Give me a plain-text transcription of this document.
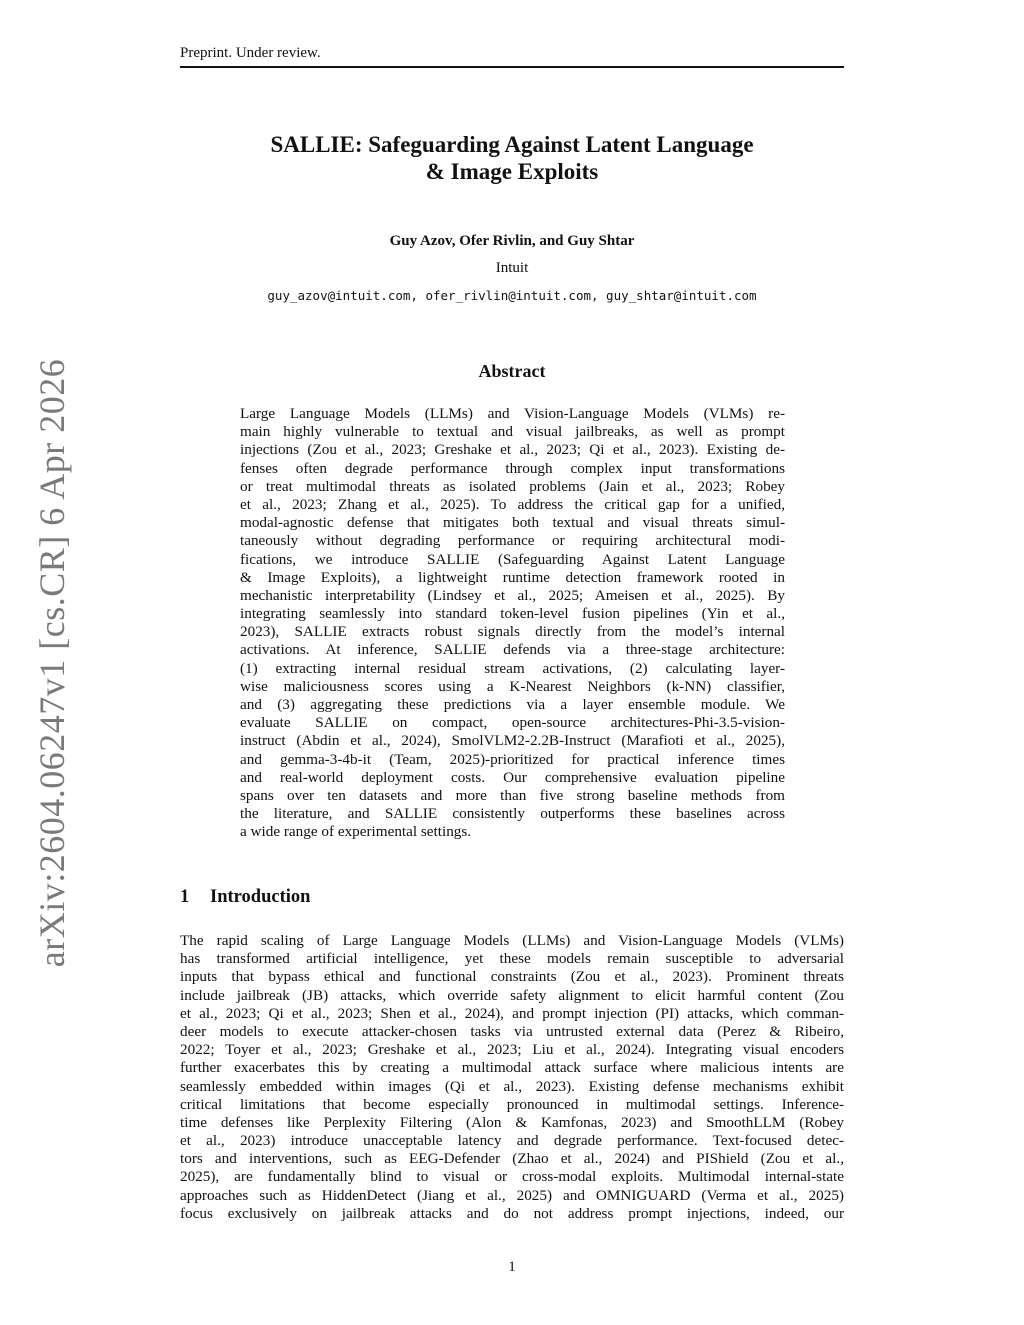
Preprint. Under review.
arXiv:2604.06247v1 [cs.CR] 6 Apr 2026
SALLIE: Safeguarding Against Latent Language
& Image Exploits
Guy Azov, Ofer Rivlin, and Guy Shtar
Intuit
guy_azov@intuit.com, ofer_rivlin@intuit.com, guy_shtar@intuit.com
Abstract
Large Language Models (LLMs) and Vision-Language Models (VLMs) re-
main highly vulnerable to textual and visual jailbreaks, as well as prompt
injections (Zou et al., 2023; Greshake et al., 2023; Qi et al., 2023). Existing de-
fenses often degrade performance through complex input transformations
or treat multimodal threats as isolated problems (Jain et al., 2023; Robey
et al., 2023; Zhang et al., 2025). To address the critical gap for a unified,
modal-agnostic defense that mitigates both textual and visual threats simul-
taneously without degrading performance or requiring architectural modi-
fications, we introduce SALLIE (Safeguarding Against Latent Language
& Image Exploits), a lightweight runtime detection framework rooted in
mechanistic interpretability (Lindsey et al., 2025; Ameisen et al., 2025). By
integrating seamlessly into standard token-level fusion pipelines (Yin et al.,
2023), SALLIE extracts robust signals directly from the model’s internal
activations. At inference, SALLIE defends via a three-stage architecture:
(1) extracting internal residual stream activations, (2) calculating layer-
wise maliciousness scores using a K-Nearest Neighbors (k-NN) classifier,
and (3) aggregating these predictions via a layer ensemble module. We
evaluate SALLIE on compact, open-source architectures-Phi-3.5-vision-
instruct (Abdin et al., 2024), SmolVLM2-2.2B-Instruct (Marafioti et al., 2025),
and gemma-3-4b-it (Team, 2025)-prioritized for practical inference times
and real-world deployment costs. Our comprehensive evaluation pipeline
spans over ten datasets and more than five strong baseline methods from
the literature, and SALLIE consistently outperforms these baselines across
a wide range of experimental settings.
1 Introduction
The rapid scaling of Large Language Models (LLMs) and Vision-Language Models (VLMs)
has transformed artificial intelligence, yet these models remain susceptible to adversarial
inputs that bypass ethical and functional constraints (Zou et al., 2023). Prominent threats
include jailbreak (JB) attacks, which override safety alignment to elicit harmful content (Zou
et al., 2023; Qi et al., 2023; Shen et al., 2024), and prompt injection (PI) attacks, which comman-
deer models to execute attacker-chosen tasks via untrusted external data (Perez & Ribeiro,
2022; Toyer et al., 2023; Greshake et al., 2023; Liu et al., 2024). Integrating visual encoders
further exacerbates this by creating a multimodal attack surface where malicious intents are
seamlessly embedded within images (Qi et al., 2023). Existing defense mechanisms exhibit
critical limitations that become especially pronounced in multimodal settings. Inference-
time defenses like Perplexity Filtering (Alon & Kamfonas, 2023) and SmoothLLM (Robey
et al., 2023) introduce unacceptable latency and degrade performance. Text-focused detec-
tors and interventions, such as EEG-Defender (Zhao et al., 2024) and PIShield (Zou et al.,
2025), are fundamentally blind to visual or cross-modal exploits. Multimodal internal-state
approaches such as HiddenDetect (Jiang et al., 2025) and OMNIGUARD (Verma et al., 2025)
focus exclusively on jailbreak attacks and do not address prompt injections, indeed, our
1
